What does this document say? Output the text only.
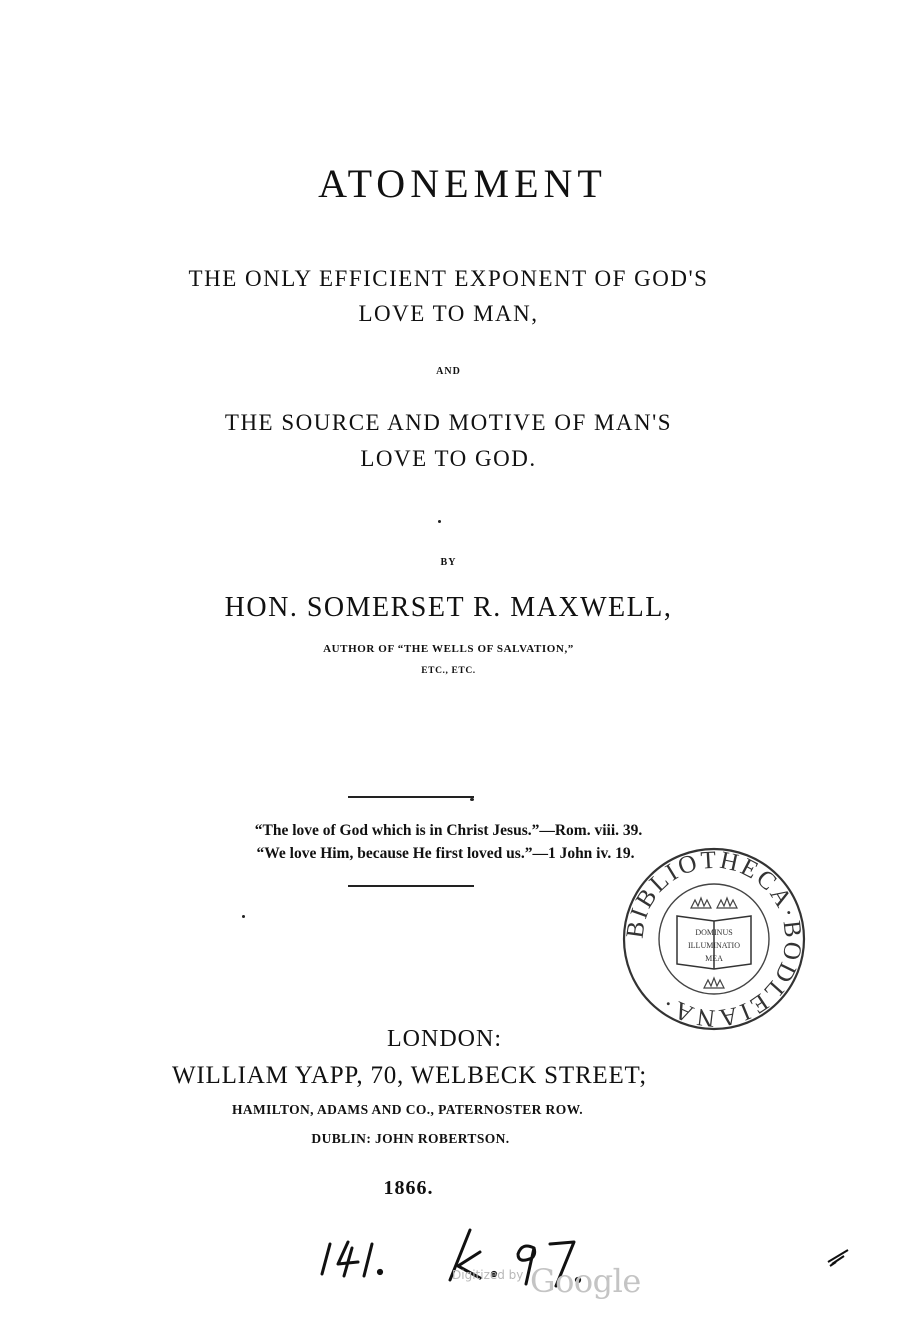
ATONEMENT
THE ONLY EFFICIENT EXPONENT OF GOD'S
LOVE TO MAN,
AND
THE SOURCE AND MOTIVE OF MAN'S
LOVE TO GOD.
BY
HON. SOMERSET R. MAXWELL,
AUTHOR OF “THE WELLS OF SALVATION,”
ETC., ETC.
“The love of God which is in Christ Jesus.”—Rom. viii. 39.
“We love Him, because He first loved us.”—1 John iv. 19.
BIBLIOTHECA·BODLEIANA·
DOMINUS
ILLUMINATIO
MEA
LONDON:
WILLIAM YAPP, 70, WELBECK STREET;
HAMILTON, ADAMS AND CO., PATERNOSTER ROW.
DUBLIN: JOHN ROBERTSON.
1866.
Digitized by Google
